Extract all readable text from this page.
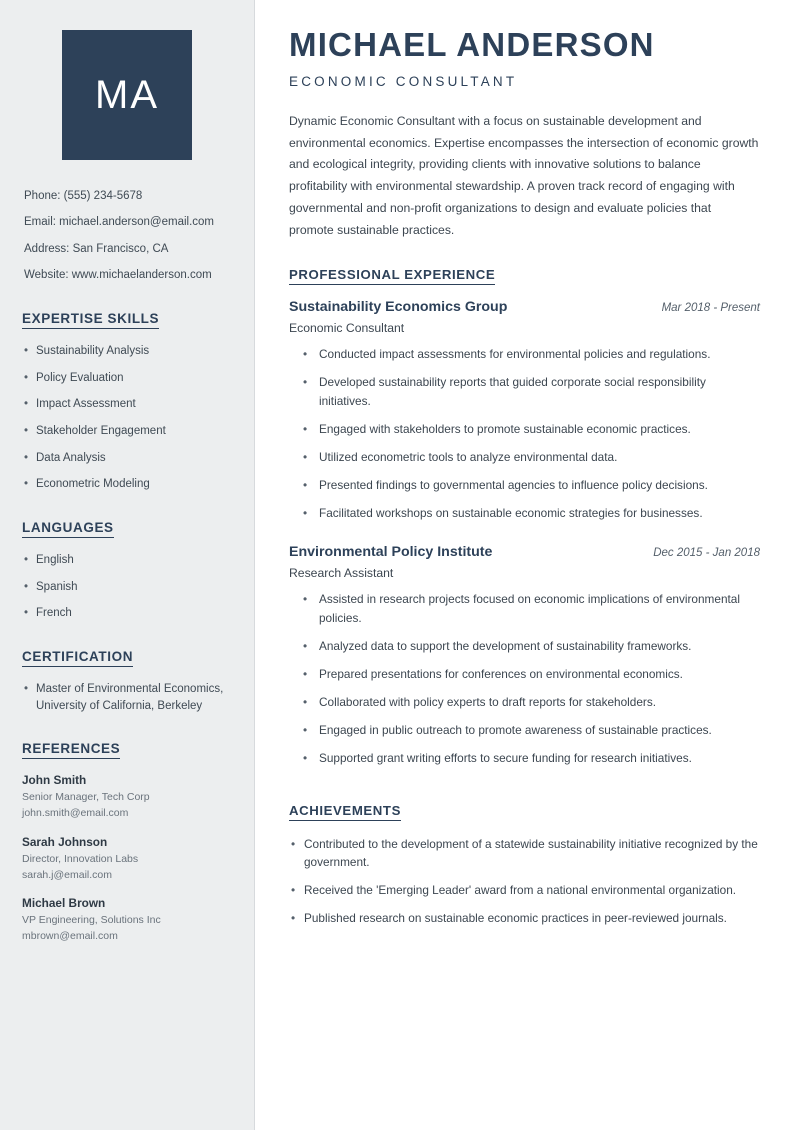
MA
Phone: (555) 234-5678
Email: michael.anderson@email.com
Address: San Francisco, CA
Website: www.michaelanderson.com
EXPERTISE SKILLS
• Sustainability Analysis
• Policy Evaluation
• Impact Assessment
• Stakeholder Engagement
• Data Analysis
• Econometric Modeling
LANGUAGES
• English
• Spanish
• French
CERTIFICATION
• Master of Environmental Economics, University of California, Berkeley
REFERENCES
John Smith
Senior Manager, Tech Corp
john.smith@email.com
Sarah Johnson
Director, Innovation Labs
sarah.j@email.com
Michael Brown
VP Engineering, Solutions Inc
mbrown@email.com
MICHAEL ANDERSON
ECONOMIC CONSULTANT

Dynamic Economic Consultant with a focus on sustainable development and environmental economics. Expertise encompasses the intersection of economic growth and ecological integrity, providing clients with innovative solutions to balance profitability with environmental stewardship. A proven track record of engaging with governmental and non-profit organizations to design and evaluate policies that promote sustainable practices.

PROFESSIONAL EXPERIENCE
Sustainability Economics Group	Mar 2018 - Present
Economic Consultant
• Conducted impact assessments for environmental policies and regulations.
• Developed sustainability reports that guided corporate social responsibility initiatives.
• Engaged with stakeholders to promote sustainable economic practices.
• Utilized econometric tools to analyze environmental data.
• Presented findings to governmental agencies to influence policy decisions.
• Facilitated workshops on sustainable economic strategies for businesses.
Environmental Policy Institute	Dec 2015 - Jan 2018
Research Assistant
• Assisted in research projects focused on economic implications of environmental policies.
• Analyzed data to support the development of sustainability frameworks.
• Prepared presentations for conferences on environmental economics.
• Collaborated with policy experts to draft reports for stakeholders.
• Engaged in public outreach to promote awareness of sustainable practices.
• Supported grant writing efforts to secure funding for research initiatives.
ACHIEVEMENTS
• Contributed to the development of a statewide sustainability initiative recognized by the government.
• Received the 'Emerging Leader' award from a national environmental organization.
• Published research on sustainable economic practices in peer-reviewed journals.
